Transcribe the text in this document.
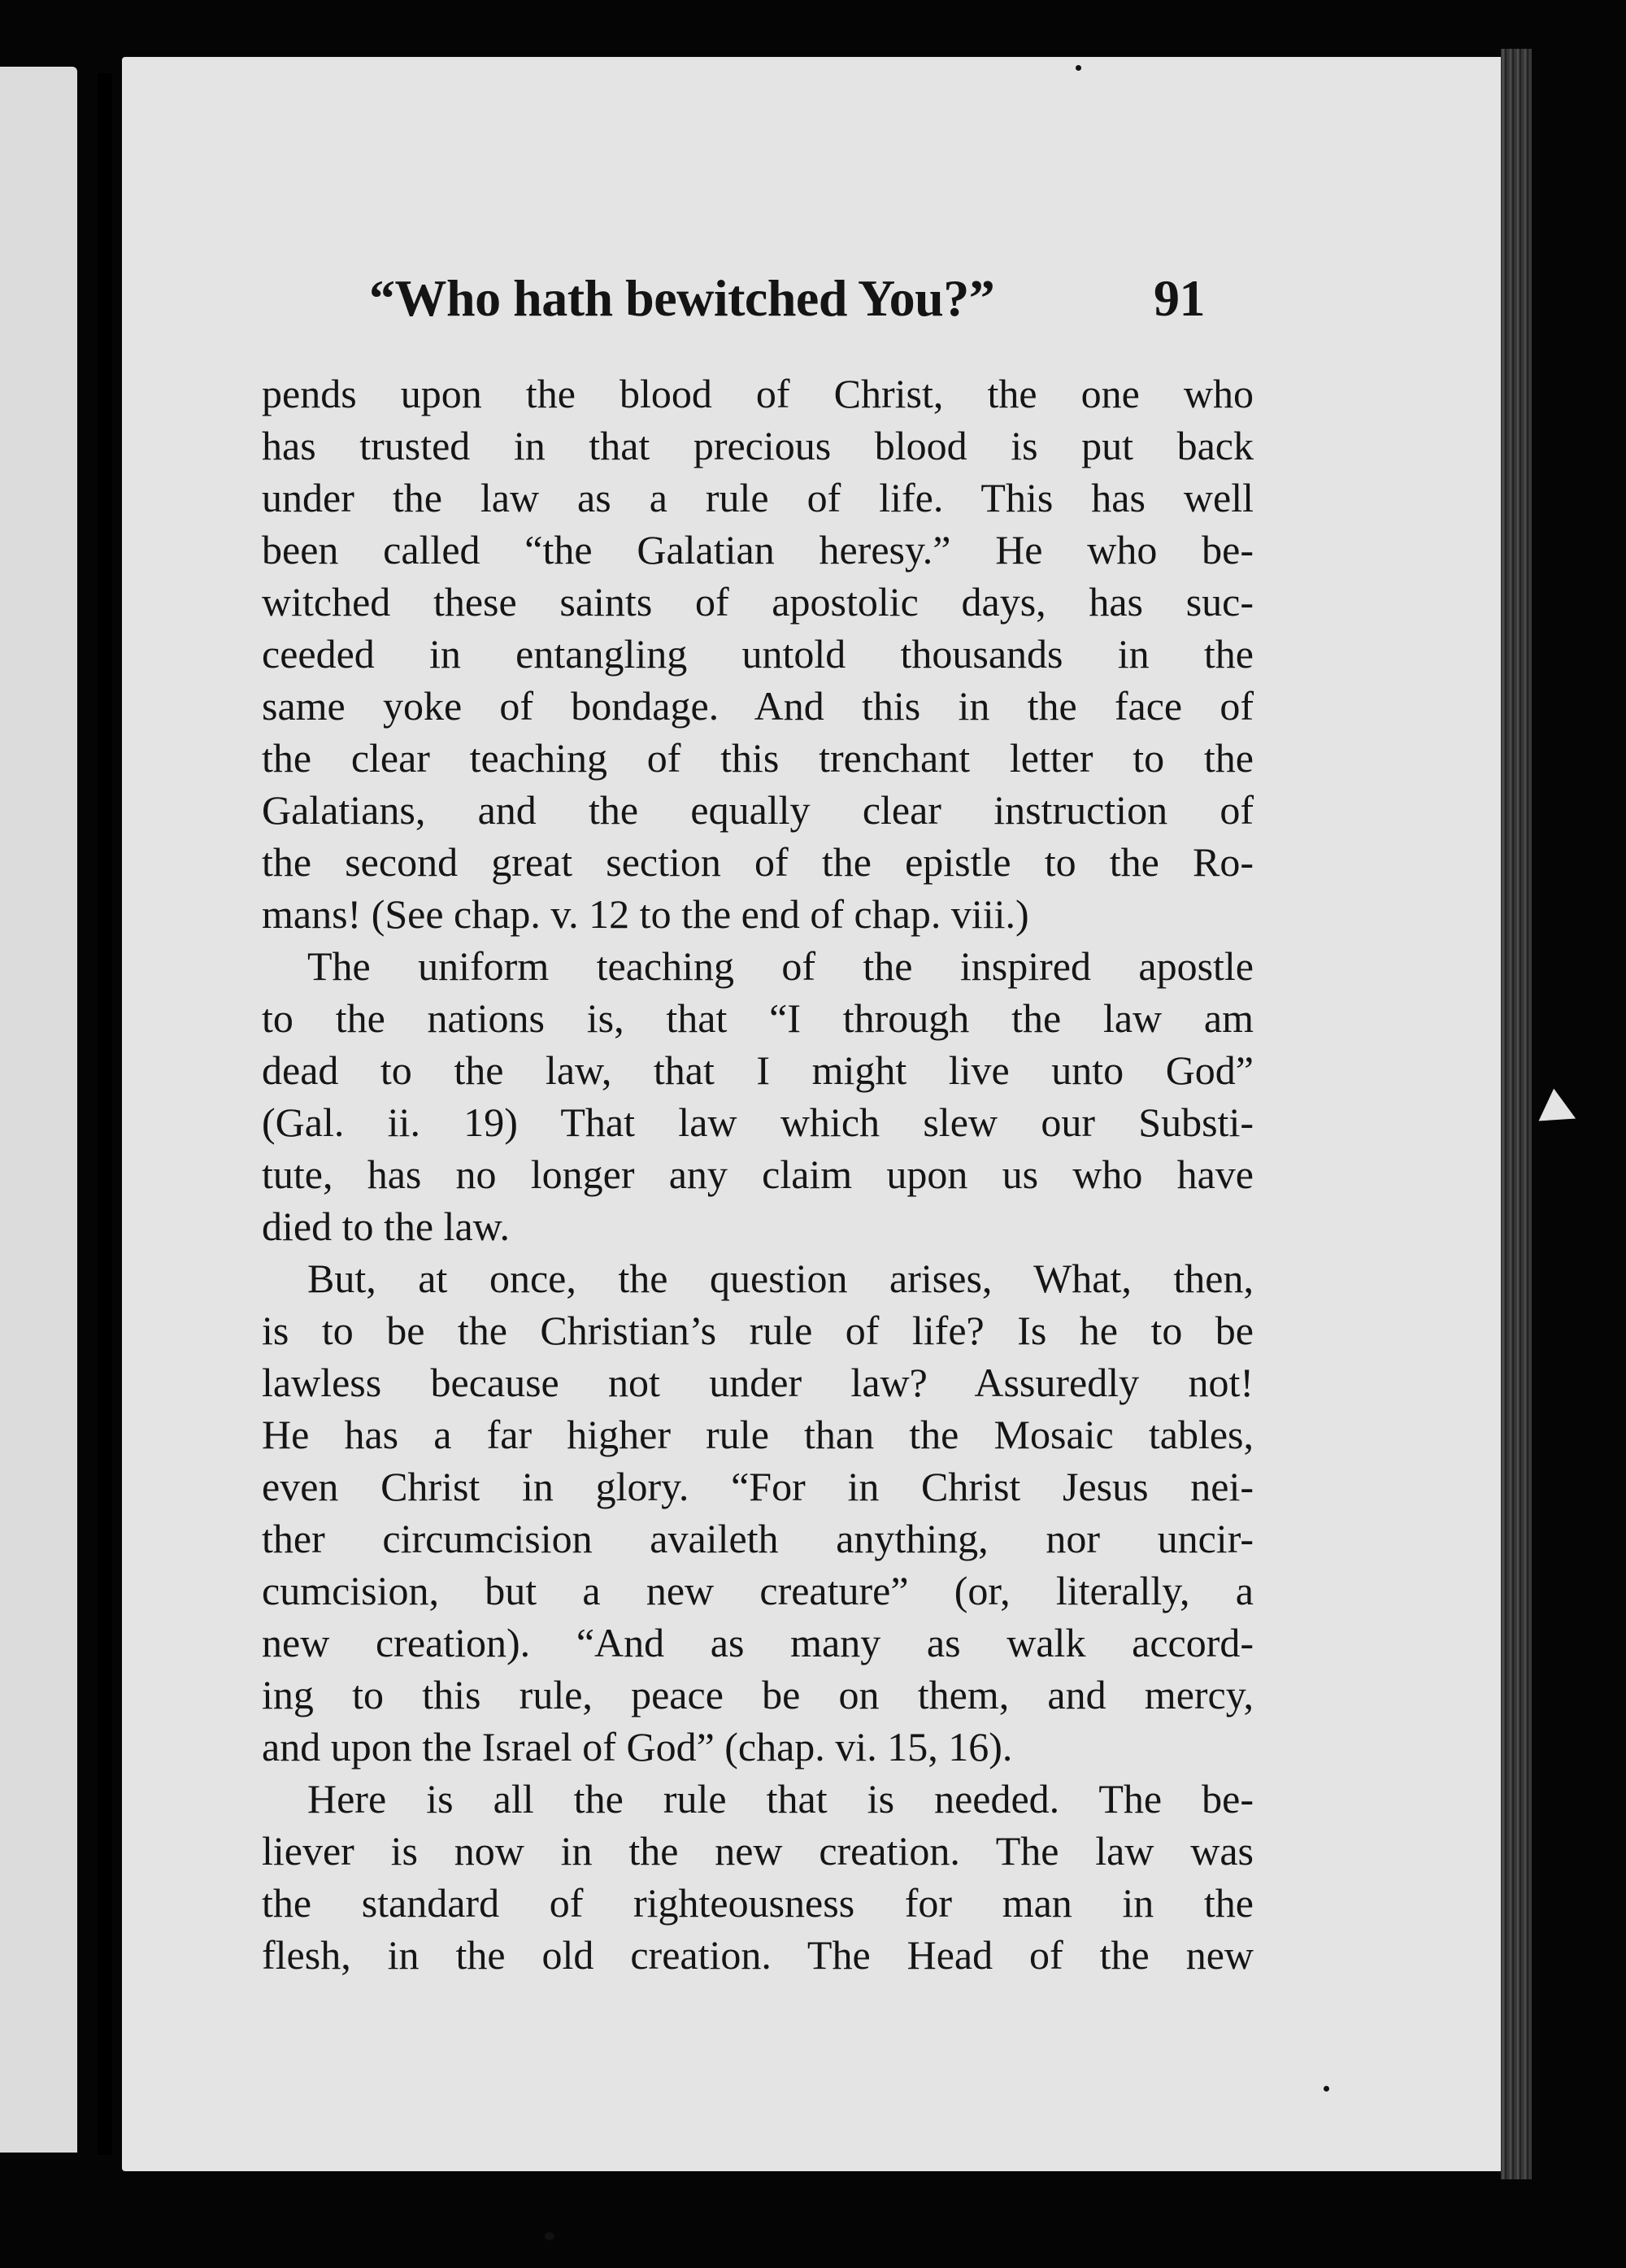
“Who hath bewitched You?”	91
pends upon the blood of Christ, the one who
has trusted in that precious blood is put back
under the law as a rule of life. This has well
been called “the Galatian heresy.” He who be-
witched these saints of apostolic days, has suc-
ceeded in entangling untold thousands in the
same yoke of bondage. And this in the face of
the clear teaching of this trenchant letter to the
Galatians, and the equally clear instruction of
the second great section of the epistle to the Ro-
mans! (See chap. v. 12 to the end of chap. viii.)
The uniform teaching of the inspired apostle
to the nations is, that “I through the law am
dead to the law, that I might live unto God”
(Gal. ii. 19) That law which slew our Substi-
tute, has no longer any claim upon us who have
died to the law.
But, at once, the question arises, What, then,
is to be the Christian’s rule of life? Is he to be
lawless because not under law? Assuredly not!
He has a far higher rule than the Mosaic tables,
even Christ in glory. “For in Christ Jesus nei-
ther circumcision availeth anything, nor uncir-
cumcision, but a new creature” (or, literally, a
new creation). “And as many as walk accord-
ing to this rule, peace be on them, and mercy,
and upon the Israel of God” (chap. vi. 15, 16).
Here is all the rule that is needed. The be-
liever is now in the new creation. The law was
the standard of righteousness for man in the
flesh, in the old creation. The Head of the new
